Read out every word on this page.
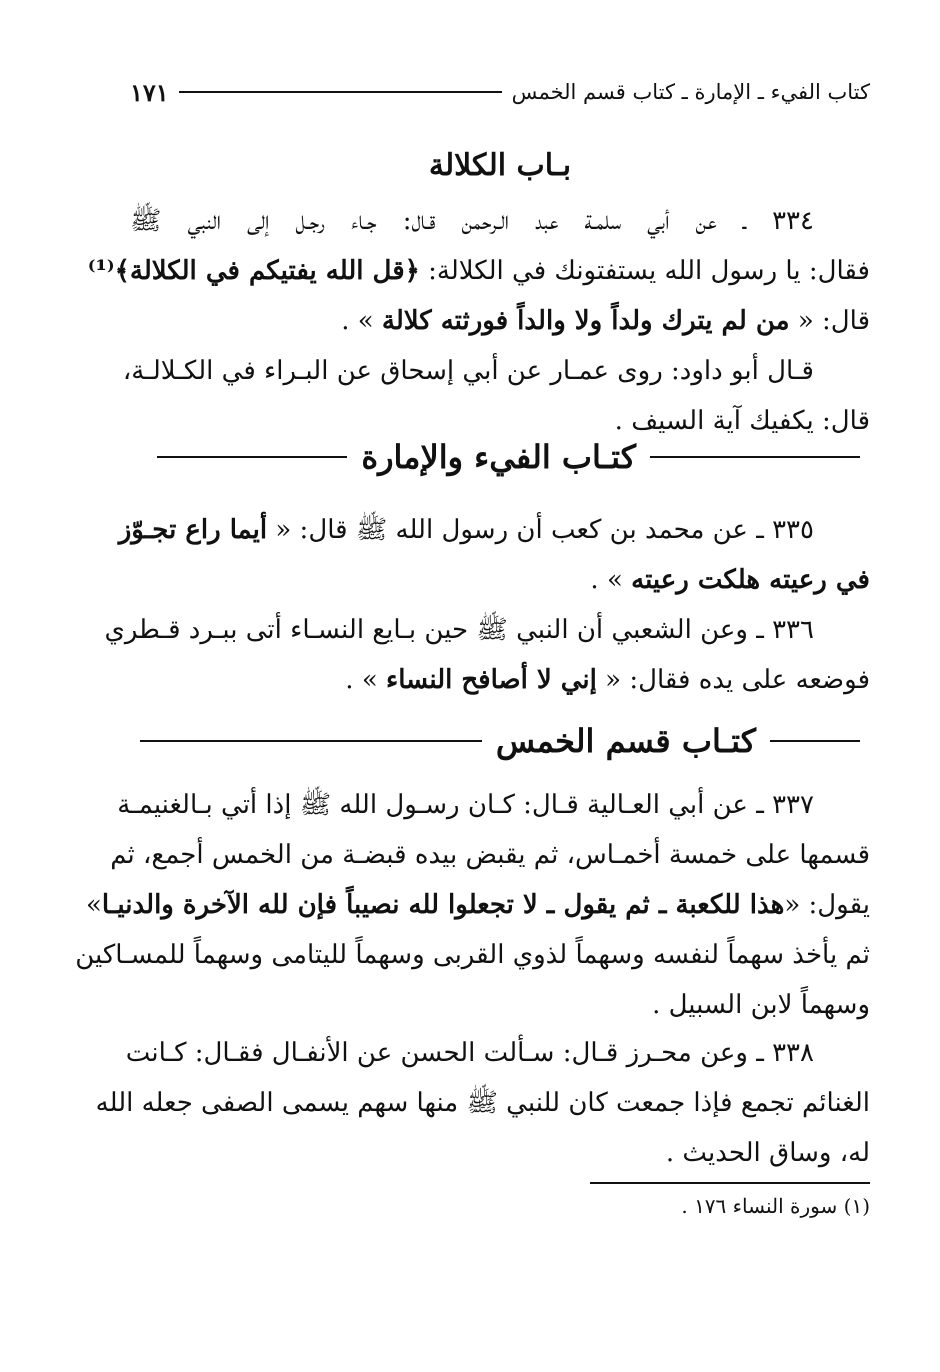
كتاب الفيء ـ الإمارة ـ كتاب قسم الخمس
١٧١
بـاب الكلالة
٣٣٤ ـ عن أبي سلمـة عبد الـرحمن قـال: جـاء رجـل إلى النبي ﷺ
فقال: يا رسول الله يستفتونك في الكلالة: ﴿قل الله يفتيكم في الكلالة﴾⁽¹⁾
قال: « من لم يترك ولداً ولا والداً فورثته كلالة » .
قـال أبو داود: روى عمـار عن أبي إسحاق عن البـراء في الكـلالـة،
قال: يكفيك آية السيف .
كتـاب الفيء والإمارة
٣٣٥ ـ عن محمد بن كعب أن رسول الله ﷺ قال: « أيما راع تجـوّز
في رعيته هلكت رعيته » .
٣٣٦ ـ وعن الشعبي أن النبي ﷺ حين بـايع النسـاء أتى ببـرد قـطري
فوضعه على يده فقال: « إني لا أصافح النساء » .
كتـاب قسم الخمس
٣٣٧ ـ عن أبي العـالية قـال: كـان رسـول الله ﷺ إذا أتي بـالغنيمـة
قسمها على خمسة أخمـاس، ثم يقبض بيده قبضـة من الخمس أجمع، ثم
يقول: «هذا للكعبة ـ ثم يقول ـ لا تجعلوا لله نصيباً فإن لله الآخرة والدنيـا»
ثم يأخذ سهماً لنفسه وسهماً لذوي القربى وسهماً لليتامى وسهماً للمسـاكين
وسهماً لابن السبيل .
٣٣٨ ـ وعن محـرز قـال: سـألت الحسن عن الأنفـال فقـال: كـانت
الغنائم تجمع فإذا جمعت كان للنبي ﷺ منها سهم يسمى الصفى جعله الله
له، وساق الحديث .
(١) سورة النساء ١٧٦ .
